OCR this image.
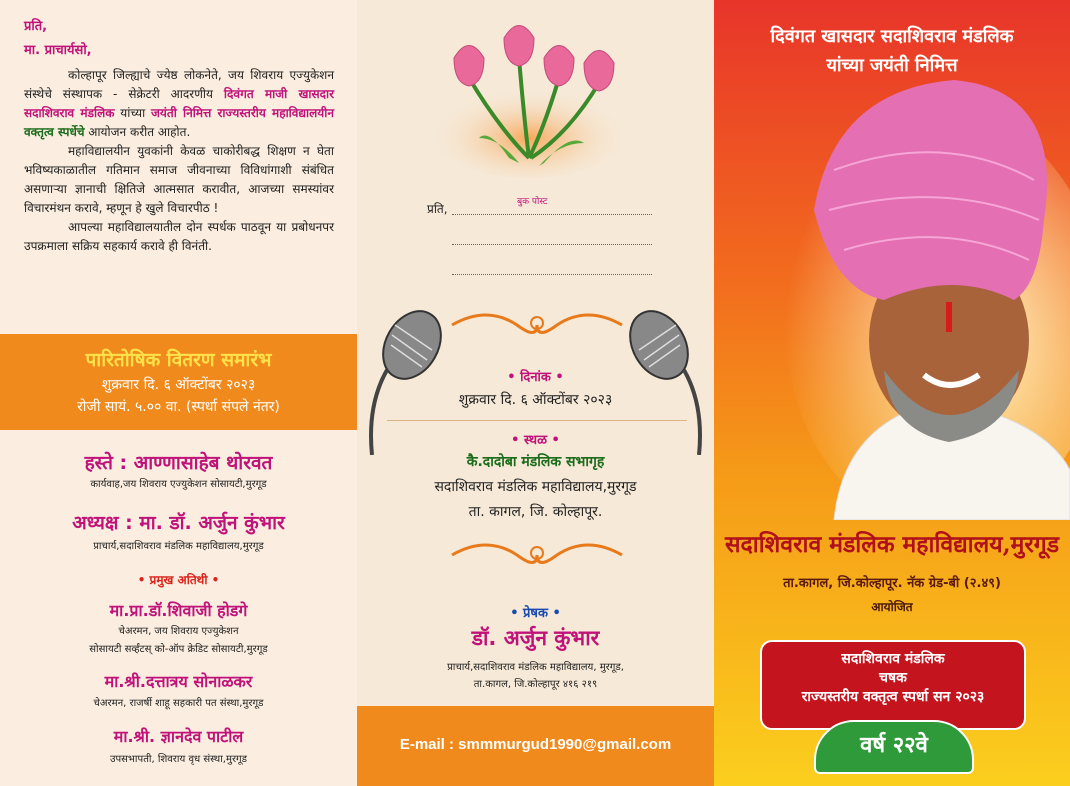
प्रति,
मा. प्राचार्यसो,

कोल्हापूर जिल्ह्याचे ज्येष्ठ लोकनेते, जय शिवराय एज्युकेशन संस्थेचे संस्थापक - सेक्रेटरी आदरणीय दिवंगत माजी खासदार सदाशिवराव मंडलिक यांच्या जयंती निमित्त राज्यस्तरीय महाविद्यालयीन वक्तृत्व स्पर्धेचे आयोजन करीत आहोत.

महाविद्यालयीन युवकांनी केवळ चाकोरीबद्ध शिक्षण न घेता भविष्यकाळातील गतिमान समाज जीवनाच्या विविधांगाशी संबंधित असणाऱ्या ज्ञानाची क्षितिजे आत्मसात करावीत, आजच्या समस्यांवर विचारमंथन करावे, म्हणून हे खुले विचारपीठ !

आपल्या महाविद्यालयातील दोन स्पर्धक पाठवून या प्रबोधनपर उपक्रमाला सक्रिय सहकार्य करावे ही विनंती.

पारितोषिक वितरण समारंभ
शुक्रवार दि. ६ ऑक्टोंबर २०२३
रोजी सायं. ५.०० वा. (स्पर्धा संपले नंतर)
हस्ते : आण्णासाहेब थोरवत
कार्यवाह,जय शिवराय एज्युकेशन सोसायटी,मुरगूड
अध्यक्ष : मा. डॉ. अर्जुन कुंभार
प्राचार्य,सदाशिवराव मंडलिक महाविद्यालय,मुरगूड
• प्रमुख अतिथी •
मा.प्रा.डॉ.शिवाजी होडगे
चेअरमन, जय शिवराय एज्युकेशन
सोसायटी सर्व्हंटस् को-ऑप क्रेडिट सोसायटी,मुरगूड
मा.श्री.दत्तात्रय सोनाळकर
चेअरमन, राजर्षी शाहू सहकारी पत संस्था,मुरगूड
मा.श्री. ज्ञानदेव पाटील
उपसभापती, शिवराय वृध संस्था,मुरगूड
बुक पोस्ट
प्रति,
• दिनांक •
शुक्रवार दि. ६ ऑक्टोंबर २०२३
• स्थळ •
कै.दादोबा मंडलिक सभागृह
सदाशिवराव मंडलिक महाविद्यालय,मुरगूड
ता. कागल, जि. कोल्हापूर.
• प्रेषक •
डॉ. अर्जुन कुंभार
प्राचार्य,सदाशिवराव मंडलिक महाविद्यालय, मुरगूड,
ता.कागल, जि.कोल्हापूर ४१६ २१९
E-mail : smmmurgud1990@gmail.com
दिवंगत खासदार सदाशिवराव मंडलिक
यांच्या जयंती निमित्त
सदाशिवराव मंडलिक महाविद्यालय,मुरगूड
ता.कागल, जि.कोल्हापूर. नॅक ग्रेड-बी (२.४९)
आयोजित
सदाशिवराव मंडलिक
चषक
राज्यस्तरीय वक्तृत्व स्पर्धा सन २०२३
वर्ष २२वे
